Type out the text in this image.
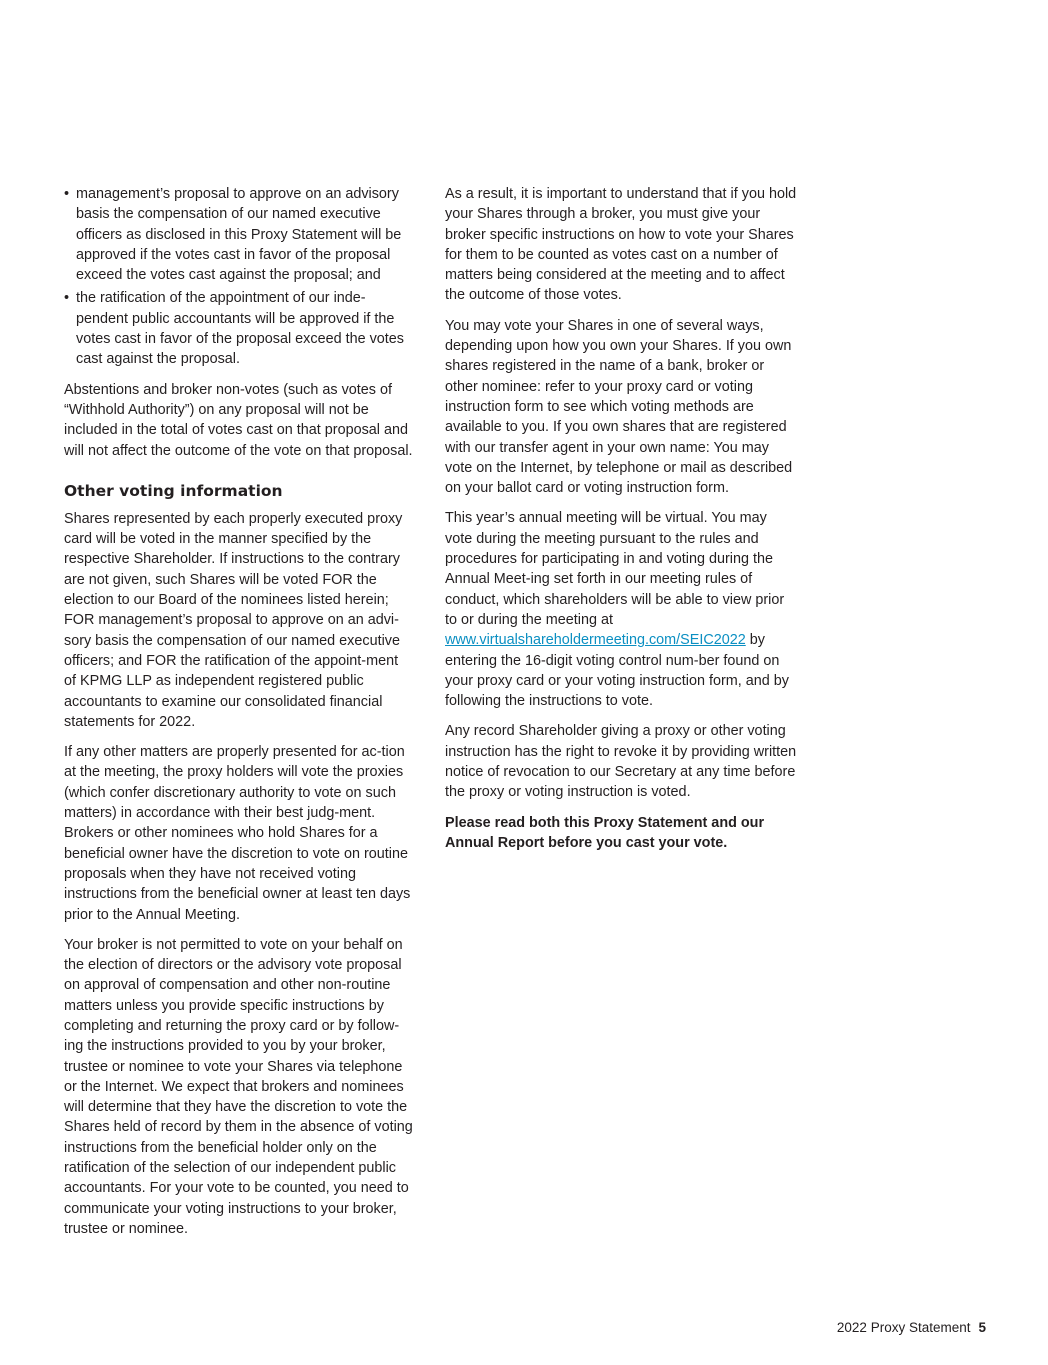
• management’s proposal to approve on an advisory basis the compensation of our named executive officers as disclosed in this Proxy Statement will be approved if the votes cast in favor of the proposal exceed the votes cast against the proposal; and
• the ratification of the appointment of our inde-pendent public accountants will be approved if the votes cast in favor of the proposal exceed the votes cast against the proposal.

Abstentions and broker non-votes (such as votes of “Withhold Authority”) on any proposal will not be included in the total of votes cast on that proposal and will not affect the outcome of the vote on that proposal.

Other voting information

Shares represented by each properly executed proxy card will be voted in the manner specified by the respective Shareholder. If instructions to the contrary are not given, such Shares will be voted FOR the election to our Board of the nominees listed herein; FOR management’s proposal to approve on an advi-sory basis the compensation of our named executive officers; and FOR the ratification of the appoint-ment of KPMG LLP as independent registered public accountants to examine our consolidated financial statements for 2022.

If any other matters are properly presented for ac-tion at the meeting, the proxy holders will vote the proxies (which confer discretionary authority to vote on such matters) in accordance with their best judg-ment. Brokers or other nominees who hold Shares for a beneficial owner have the discretion to vote on routine proposals when they have not received voting instructions from the beneficial owner at least ten days prior to the Annual Meeting.

Your broker is not permitted to vote on your behalf on the election of directors or the advisory vote proposal on approval of compensation and other non-routine matters unless you provide specific instructions by completing and returning the proxy card or by follow-ing the instructions provided to you by your broker, trustee or nominee to vote your Shares via telephone or the Internet. We expect that brokers and nominees will determine that they have the discretion to vote the Shares held of record by them in the absence of voting instructions from the beneficial holder only on the ratification of the selection of our independent public accountants. For your vote to be counted, you need to communicate your voting instructions to your broker, trustee or nominee.

As a result, it is important to understand that if you hold your Shares through a broker, you must give your broker specific instructions on how to vote your Shares for them to be counted as votes cast on a number of matters being considered at the meeting and to affect the outcome of those votes.

You may vote your Shares in one of several ways, depending upon how you own your Shares. If you own shares registered in the name of a bank, broker or other nominee: refer to your proxy card or voting instruction form to see which voting methods are available to you. If you own shares that are registered with our transfer agent in your own name: You may vote on the Internet, by telephone or mail as described on your ballot card or voting instruction form.

This year’s annual meeting will be virtual. You may vote during the meeting pursuant to the rules and procedures for participating in and voting during the Annual Meet-ing set forth in our meeting rules of conduct, which shareholders will be able to view prior to or during the meeting at www.virtualshareholdermeeting.com/SEIC2022 by entering the 16-digit voting control num-ber found on your proxy card or your voting instruction form, and by following the instructions to vote.

Any record Shareholder giving a proxy or other voting instruction has the right to revoke it by providing written notice of revocation to our Secretary at any time before the proxy or voting instruction is voted.

Please read both this Proxy Statement and our Annual Report before you cast your vote.

2022 Proxy Statement 5
